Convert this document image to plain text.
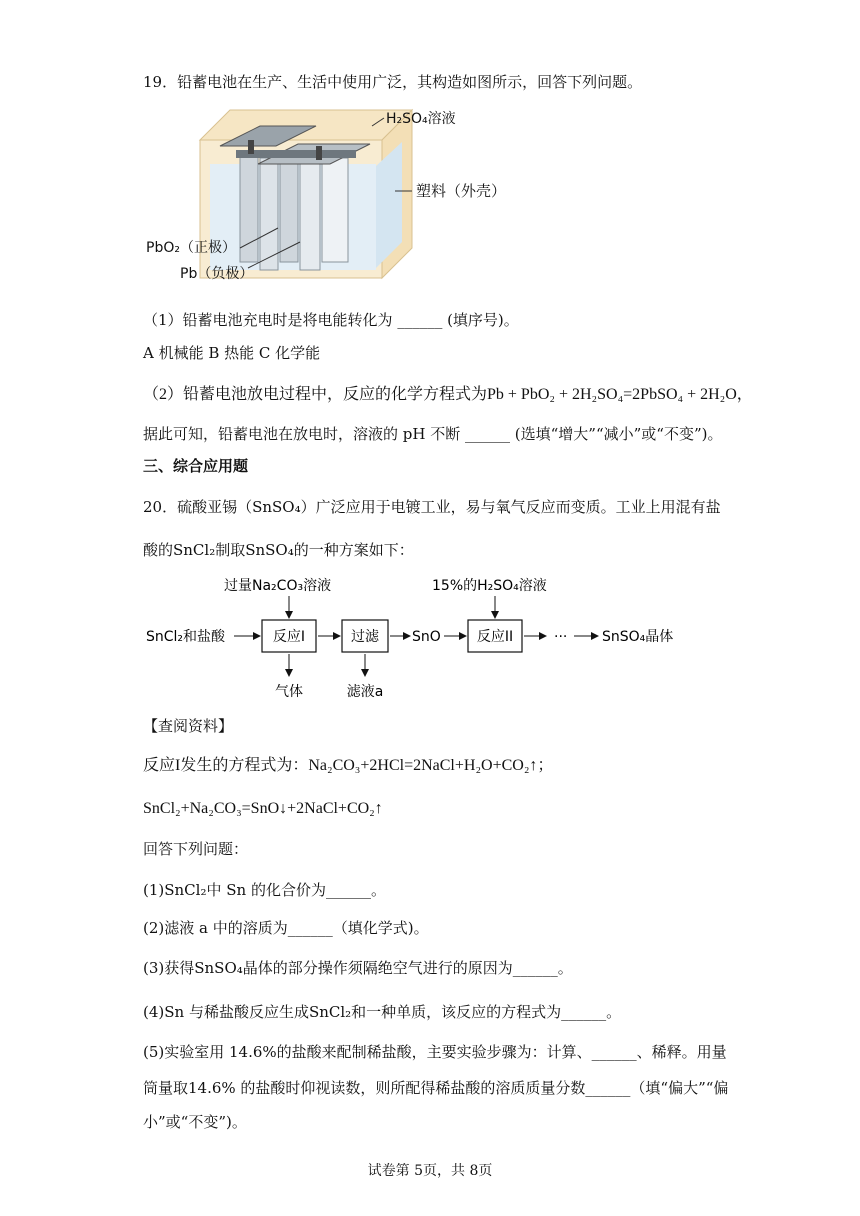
19．铅蓄电池在生产、生活中使用广泛，其构造如图所示，回答下列问题。
H₂SO₄溶液
塑料（外壳）
PbO₂（正极）
Pb（负极）
（1）铅蓄电池充电时是将电能转化为 ______ (填序号)。
A 机械能 B 热能 C 化学能
（2）铅蓄电池放电过程中，反应的化学方程式为Pb + PbO₂ + 2H₂SO₄=2PbSO₄ + 2H₂O，
据此可知，铅蓄电池在放电时，溶液的 pH 不断 ______ (选填“增大”“减小”或“不变”)。
三、综合应用题
20．硫酸亚锡（SnSO₄）广泛应用于电镀工业，易与氧气反应而变质。工业上用混有盐
酸的SnCl₂制取SnSO₄的一种方案如下：
SnCl₂和盐酸
过量Na₂CO₃溶液
反应I	过滤 SnO
15%的H₂SO₄溶液
反应II	··· SnSO₄晶体
气体	滤液a
【查阅资料】
反应I发生的方程式为：Na₂CO₃+2HCl=2NaCl+H₂O+CO₂↑；
SnCl₂+Na₂CO₃=SnO↓+2NaCl+CO₂↑
回答下列问题：
(1)SnCl₂中 Sn 的化合价为______。
(2)滤液 a 中的溶质为______（填化学式)。
(3)获得SnSO₄晶体的部分操作须隔绝空气进行的原因为______。
(4)Sn 与稀盐酸反应生成SnCl₂和一种单质，该反应的方程式为______。
(5)实验室用 14.6%的盐酸来配制稀盐酸，主要实验步骤为：计算、______、稀释。用量
筒量取14.6% 的盐酸时仰视读数，则所配得稀盐酸的溶质质量分数______（填“偏大”“偏
小”或“不变”)。
试卷第 5页，共 8页
